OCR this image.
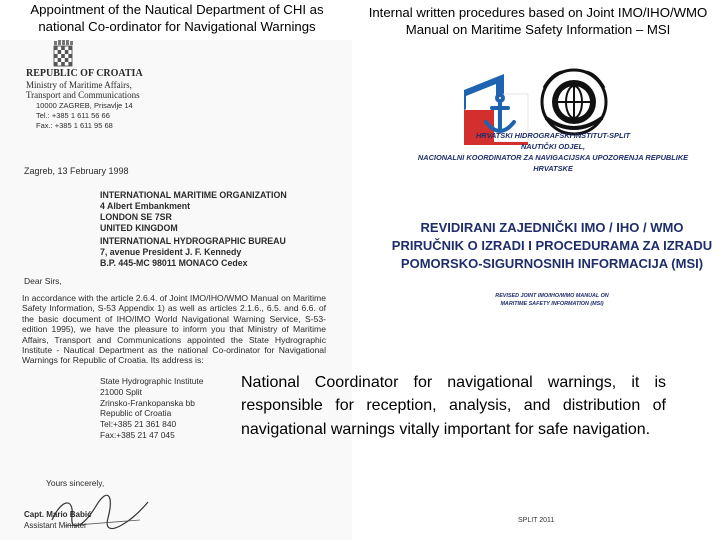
Appointment of the Nautical Department of CHI as national Co-ordinator for Navigational Warnings
Internal written procedures based on Joint IMO/IHO/WMO Manual on Maritime Safety Information – MSI
REPUBLIC OF CROATIA
Ministry of Maritime Affairs,
Transport and Communications
10000 ZAGREB, Prisavlje 14
Tel.: +385 1 611 56 66
Fax.: +385 1 611 95 68
Zagreb, 13 February 1998
INTERNATIONAL MARITIME ORGANIZATION
4 Albert Embankment
LONDON SE 7SR
UNITED KINGDOM
INTERNATIONAL HYDROGRAPHIC BUREAU
7, avenue President J. F. Kennedy
B.P. 445-MC 98011 MONACO Cedex
Dear Sirs,
In accordance with the article 2.6.4. of Joint IMO/IHO/WMO Manual on Maritime Safety Information, S-53 Appendix 1) as well as articles 2.1.6., 6.5. and 6.6. of the basic document of IHO/IMO World Navigational Warning Service, S-53-edition 1995), we have the pleasure to inform you that Ministry of Maritime Affairs, Transport and Communications appointed the State Hydrographic Institute - Nautical Department as the national Co-ordinator for Navigational Warnings for Republic of Croatia. Its address is:
State Hydrographic Institute
21000 Split
Zrinsko-Frankopanska bb
Republic of Croatia
Tel:+385 21 361 840
Fax:+385 21 47 045
Yours sincerely,
Capt. Mario Babić
Assistant Minister
HRVATSKI HIDROGRAFSKI INSTITUT-SPLIT
NAUTIČKI ODJEL,
NACIONALNI KOORDINATOR ZA NAVIGACIJSKA UPOZORENJA REPUBLIKE
HRVATSKE
REVIDIRANI ZAJEDNIČKI IMO / IHO / WMO
PRIRUČNIK O IZRADI I PROCEDURAMA ZA IZRADU
POMORSKO-SIGURNOSNIH INFORMACIJA (MSI)
REVISED JOINT IMO/IHO/WMO MANUAL ON
MARITIME SAFETY INFORMATION (MSI)
National Coordinator for navigational warnings, it is responsible for reception, analysis, and distribution of navigational warnings vitally important for safe navigation.
SPLIT 2011
